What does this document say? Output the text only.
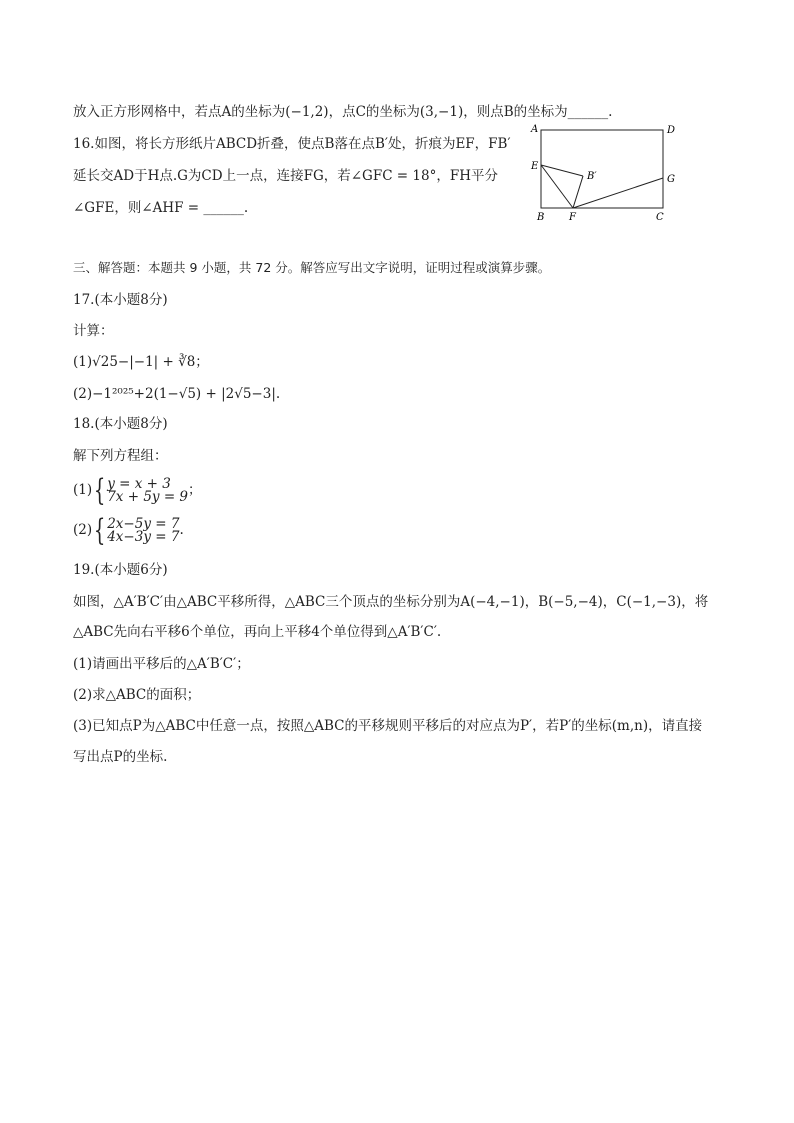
放入正方形网格中，若点A的坐标为(−1,2)，点C的坐标为(3,−1)，则点B的坐标为______.
16.如图，将长方形纸片ABCD折叠，使点B落在点B′处，折痕为EF，FB′
延长交AD于H点.G为CD上一点，连接FG，若∠GFC = 18°，FH平分
∠GFE，则∠AHF = ______.
A	D
E
B′	G
B F	C
三、解答题：本题共 9 小题，共 72 分。解答应写出文字说明，证明过程或演算步骤。
17.(本小题8分)
计算：
(1)√25−|−1| + ∛8；
(2)−1²⁰²⁵+2(1−√5) + |2√5−3|.
18.(本小题8分)
解下列方程组：
(1){ y = x + 3
7x + 5y = 9；
(2){ 2x−5y = 7
4x−3y = 7.
19.(本小题6分)
如图，△A′B′C′由△ABC平移所得，△ABC三个顶点的坐标分别为A(−4,−1)，B(−5,−4)，C(−1,−3)，将
△ABC先向右平移6个单位，再向上平移4个单位得到△A′B′C′.
(1)请画出平移后的△A′B′C′；
(2)求△ABC的面积；
(3)已知点P为△ABC中任意一点，按照△ABC的平移规则平移后的对应点为P′，若P′的坐标(m,n)，请直接
写出点P的坐标.
